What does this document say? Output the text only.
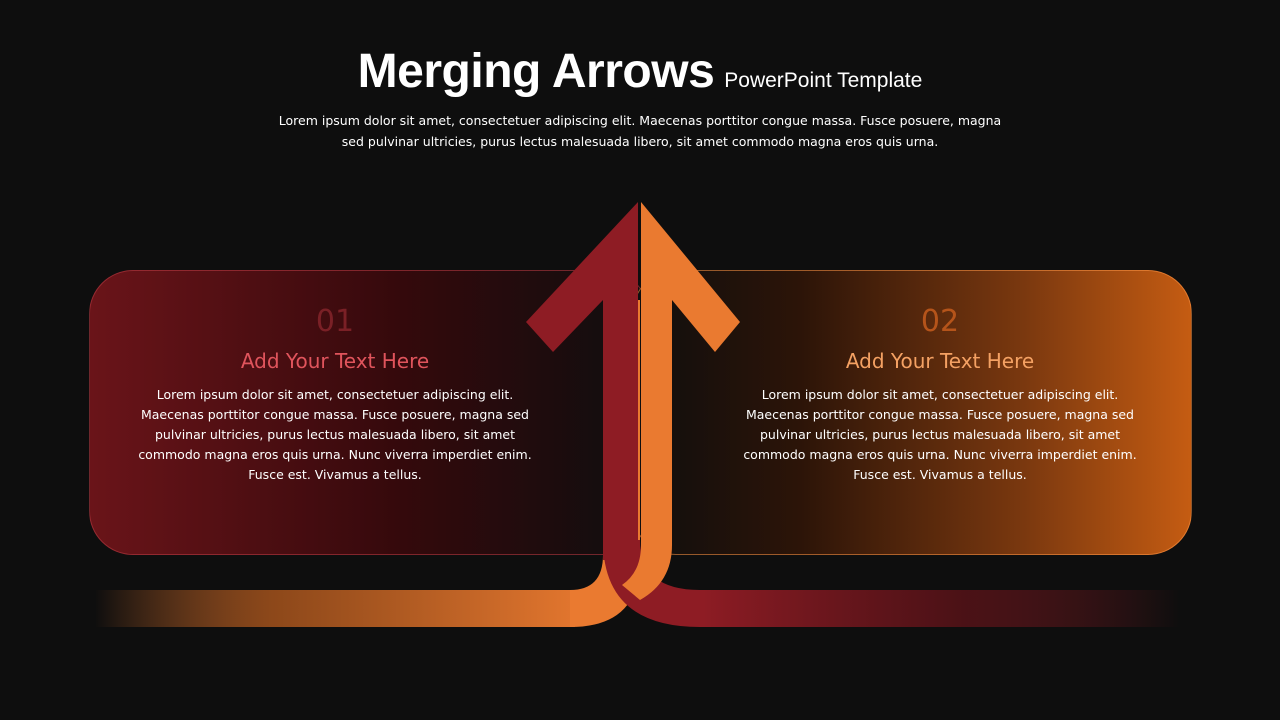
Merging Arrows PowerPoint Template
Lorem ipsum dolor sit amet, consectetuer adipiscing elit. Maecenas porttitor congue massa. Fusce posuere, magna sed pulvinar ultricies, purus lectus malesuada libero, sit amet commodo magna eros quis urna.
01
Add Your Text Here
Lorem ipsum dolor sit amet, consectetuer adipiscing elit. Maecenas porttitor congue massa. Fusce posuere, magna sed pulvinar ultricies, purus lectus malesuada libero, sit amet commodo magna eros quis urna. Nunc viverra imperdiet enim. Fusce est. Vivamus a tellus.
02
Add Your Text Here
Lorem ipsum dolor sit amet, consectetuer adipiscing elit. Maecenas porttitor congue massa. Fusce posuere, magna sed pulvinar ultricies, purus lectus malesuada libero, sit amet commodo magna eros quis urna. Nunc viverra imperdiet enim. Fusce est. Vivamus a tellus.
